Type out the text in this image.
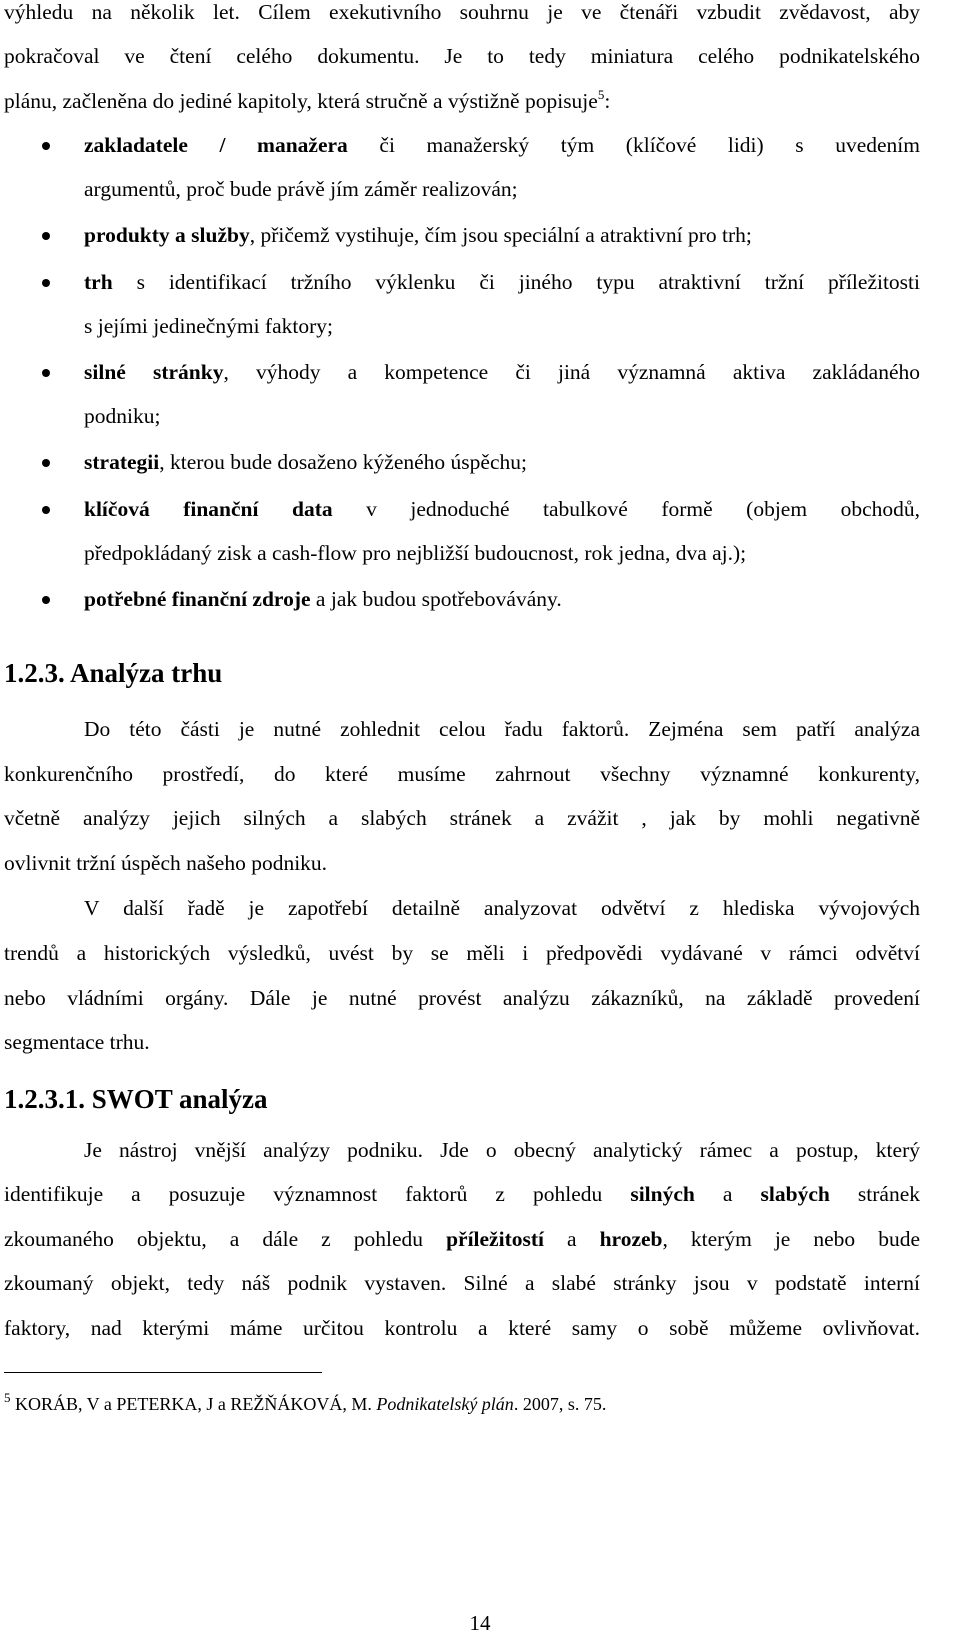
výhledu na několik let. Cílem exekutivního souhrnu je ve čtenáři vzbudit zvědavost, aby
pokračoval ve čtení celého dokumentu. Je to tedy miniatura celého podnikatelského
plánu, začleněna do jediné kapitoly, která stručně a výstižně popisuje$^5$:
zakladatele / manažera či manažerský tým (klíčové lidi) s uvedením
argumentů, proč bude právě jím záměr realizován;
produkty a služby, přičemž vystihuje, čím jsou speciální a atraktivní pro trh;
trh s identifikací tržního výklenku či jiného typu atraktivní tržní příležitosti
s jejími jedinečnými faktory;
silné stránky, výhody a kompetence či jiná významná aktiva zakládaného
podniku;
strategii, kterou bude dosaženo kýženého úspěchu;
klíčová finanční data v jednoduché tabulkové formě (objem obchodů,
předpokládaný zisk a cash-flow pro nejbližší budoucnost, rok jedna, dva aj.);
potřebné finanční zdroje a jak budou spotřebovávány.
1.2.3. Analýza trhu
Do této části je nutné zohlednit celou řadu faktorů. Zejména sem patří analýza
konkurenčního prostředí, do které musíme zahrnout všechny významné konkurenty,
včetně analýzy jejich silných a slabých stránek a zvážit , jak by mohli negativně
ovlivnit tržní úspěch našeho podniku.
V další řadě je zapotřebí detailně analyzovat odvětví z hlediska vývojových
trendů a historických výsledků, uvést by se měli i předpovědi vydávané v rámci odvětví
nebo vládními orgány. Dále je nutné provést analýzu zákazníků, na základě provedení
segmentace trhu.
1.2.3.1. SWOT analýza
Je nástroj vnější analýzy podniku. Jde o obecný analytický rámec a postup, který
identifikuje a posuzuje významnost faktorů z pohledu silných a slabých stránek
zkoumaného objektu, a dále z pohledu příležitostí a hrozeb, kterým je nebo bude
zkoumaný objekt, tedy náš podnik vystaven. Silné a slabé stránky jsou v podstatě interní
faktory, nad kterými máme určitou kontrolu a které samy o sobě můžeme ovlivňovat.
$^5$ KORÁB, V a PETERKA, J a REŽŇÁKOVÁ, M. Podnikatelský plán. 2007, s. 75.
14
